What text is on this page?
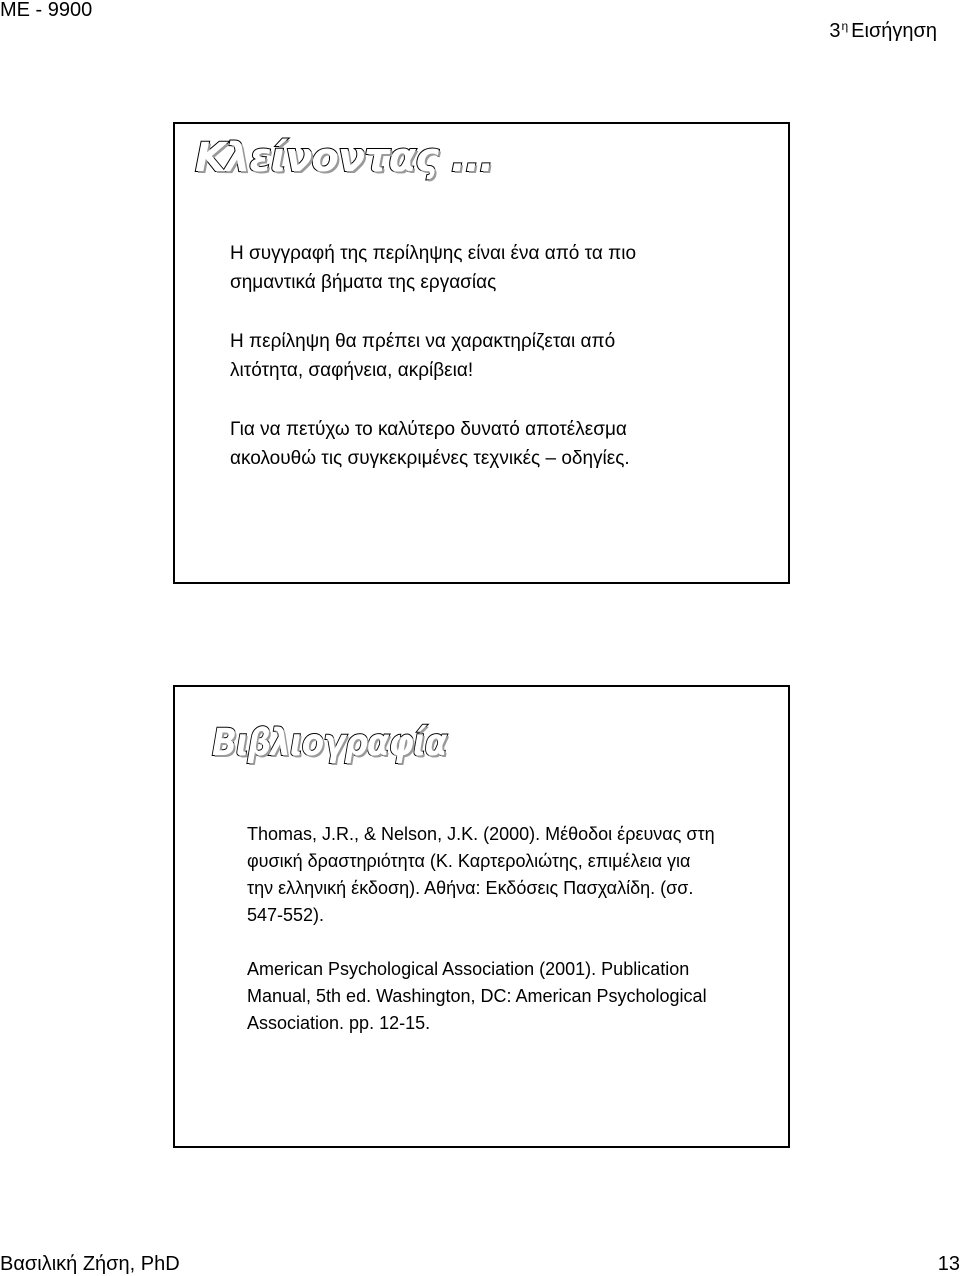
ΜΕ - 9900
$3^\eta$ Εισήγηση
Κλείνοντας ...

Η συγγραφή της περίληψης είναι ένα από τα πιο
σημαντικά βήματα της εργασίας

Η περίληψη θα πρέπει να χαρακτηρίζεται από
λιτότητα, σαφήνεια, ακρίβεια!

Για να πετύχω το καλύτερο δυνατό αποτέλεσμα
ακολουθώ τις συγκεκριμένες τεχνικές – οδηγίες.

Βιβλιογραφία

Thomas, J.R., & Nelson, J.K. (2000). Μέθοδοι έρευνας στη
φυσική δραστηριότητα (Κ. Καρτερολιώτης, επιμέλεια για
την ελληνική έκδοση). Αθήνα: Εκδόσεις Πασχαλίδη. (σσ.
547-552).

American Psychological Association (2001). Publication
Manual, 5th ed. Washington, DC: American Psychological
Association. pp. 12-15.

Βασιλική Ζήση, PhD	13
